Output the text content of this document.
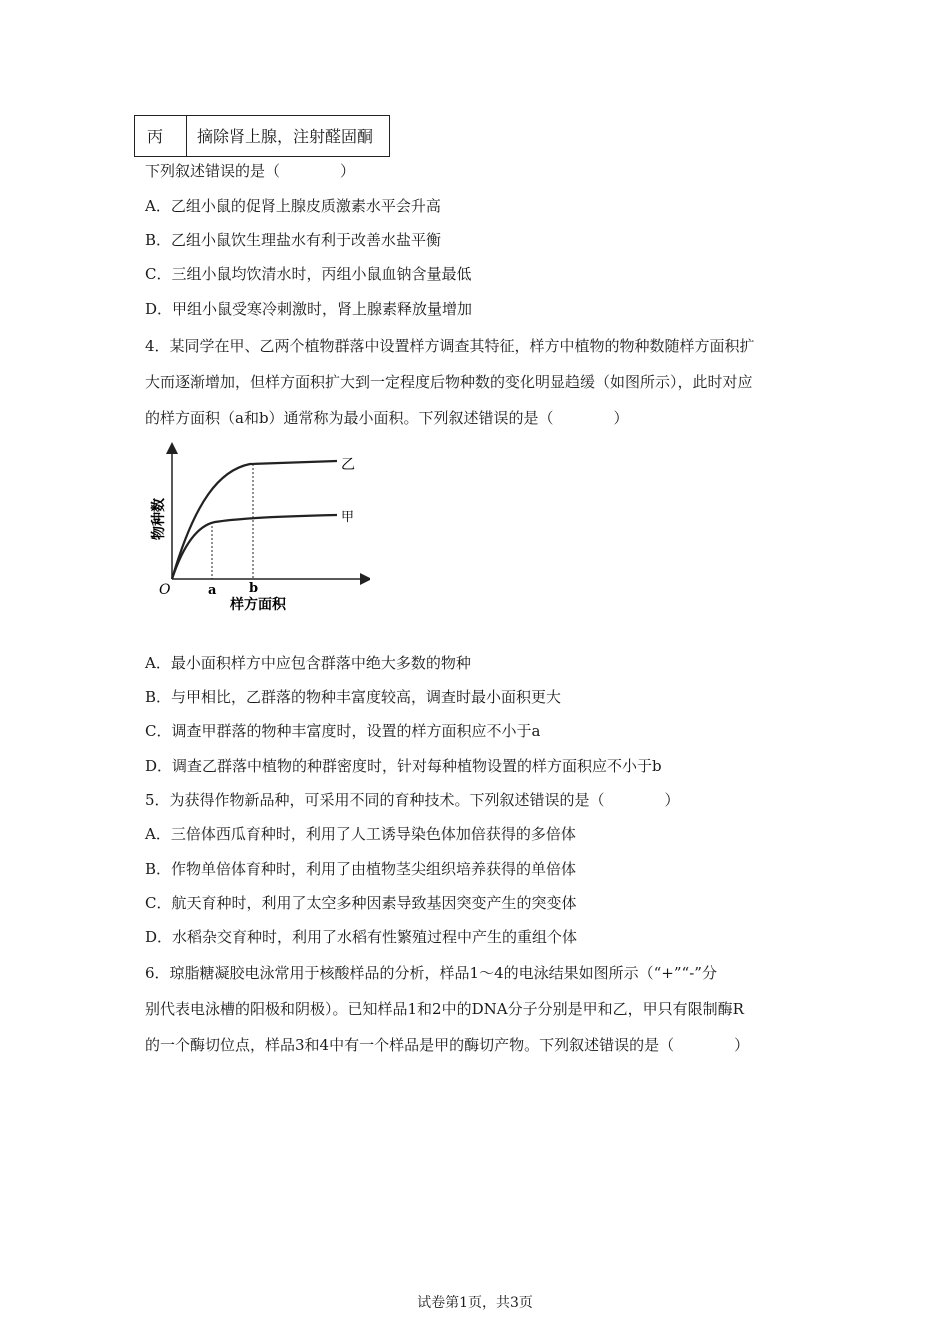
丙	摘除肾上腺，注射醛固酮
下列叙述错误的是（　　　　）
A．乙组小鼠的促肾上腺皮质激素水平会升高
B．乙组小鼠饮生理盐水有利于改善水盐平衡
C．三组小鼠均饮清水时，丙组小鼠血钠含量最低
D．甲组小鼠受寒冷刺激时，肾上腺素释放量增加
4．某同学在甲、乙两个植物群落中设置样方调查其特征，样方中植物的物种数随样方面积扩
大而逐渐增加，但样方面积扩大到一定程度后物种数的变化明显趋缓（如图所示），此时对应
的样方面积（a和b）通常称为最小面积。下列叙述错误的是（　　　　）
乙
甲
O	a	b
样方面积
物种数
A．最小面积样方中应包含群落中绝大多数的物种
B．与甲相比，乙群落的物种丰富度较高，调查时最小面积更大
C．调查甲群落的物种丰富度时，设置的样方面积应不小于a
D．调查乙群落中植物的种群密度时，针对每种植物设置的样方面积应不小于b
5．为获得作物新品种，可采用不同的育种技术。下列叙述错误的是（　　　　）
A．三倍体西瓜育种时，利用了人工诱导染色体加倍获得的多倍体
B．作物单倍体育种时，利用了由植物茎尖组织培养获得的单倍体
C．航天育种时，利用了太空多种因素导致基因突变产生的突变体
D．水稻杂交育种时，利用了水稻有性繁殖过程中产生的重组个体
6．琼脂糖凝胶电泳常用于核酸样品的分析，样品1～4的电泳结果如图所示（“+”“-”分
别代表电泳槽的阳极和阴极）。已知样品1和2中的DNA分子分别是甲和乙，甲只有限制酶R
的一个酶切位点，样品3和4中有一个样品是甲的酶切产物。下列叙述错误的是（　　　　）
试卷第1页，共3页
